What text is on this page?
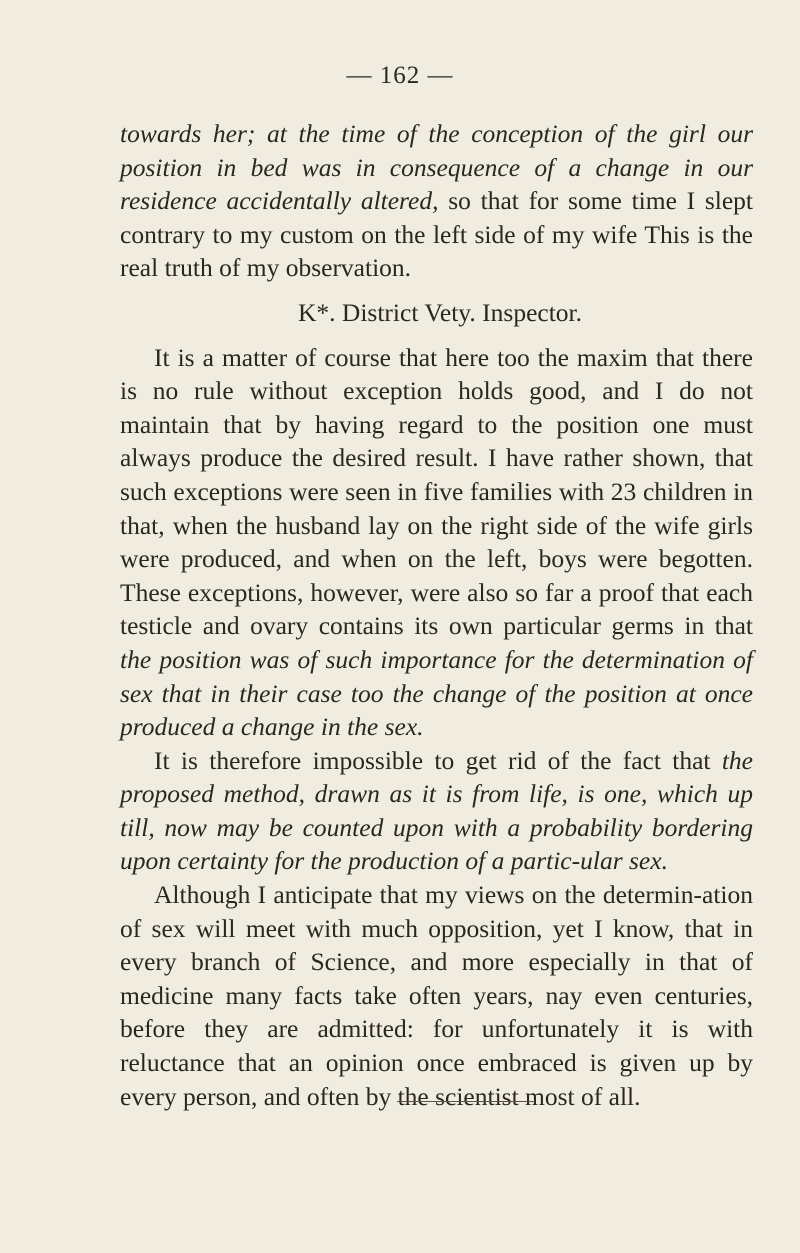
— 162 —

towards her; at the time of the conception of the girl our position in bed was in consequence of a change in our residence accidentally altered, so that for some time I slept contrary to my custom on the left side of my wife This is the real truth of my observation.

K*. District Vety. Inspector.

It is a matter of course that here too the maxim that there is no rule without exception holds good, and I do not maintain that by having regard to the position one must always produce the desired result. I have rather shown, that such exceptions were seen in five families with 23 children in that, when the husband lay on the right side of the wife girls were produced, and when on the left, boys were begotten. These exceptions, however, were also so far a proof that each testicle and ovary contains its own particular germs in that the position was of such importance for the determination of sex that in their case too the change of the position at once produced a change in the sex.

It is therefore impossible to get rid of the fact that the proposed method, drawn as it is from life, is one, which up till, now may be counted upon with a probability bordering upon certainty for the production of a partic-ular sex.

Although I anticipate that my views on the determin-ation of sex will meet with much opposition, yet I know, that in every branch of Science, and more especially in that of medicine many facts take often years, nay even centuries, before they are admitted: for unfortunately it is with reluctance that an opinion once embraced is given up by every person, and often by the scientist most of all.
